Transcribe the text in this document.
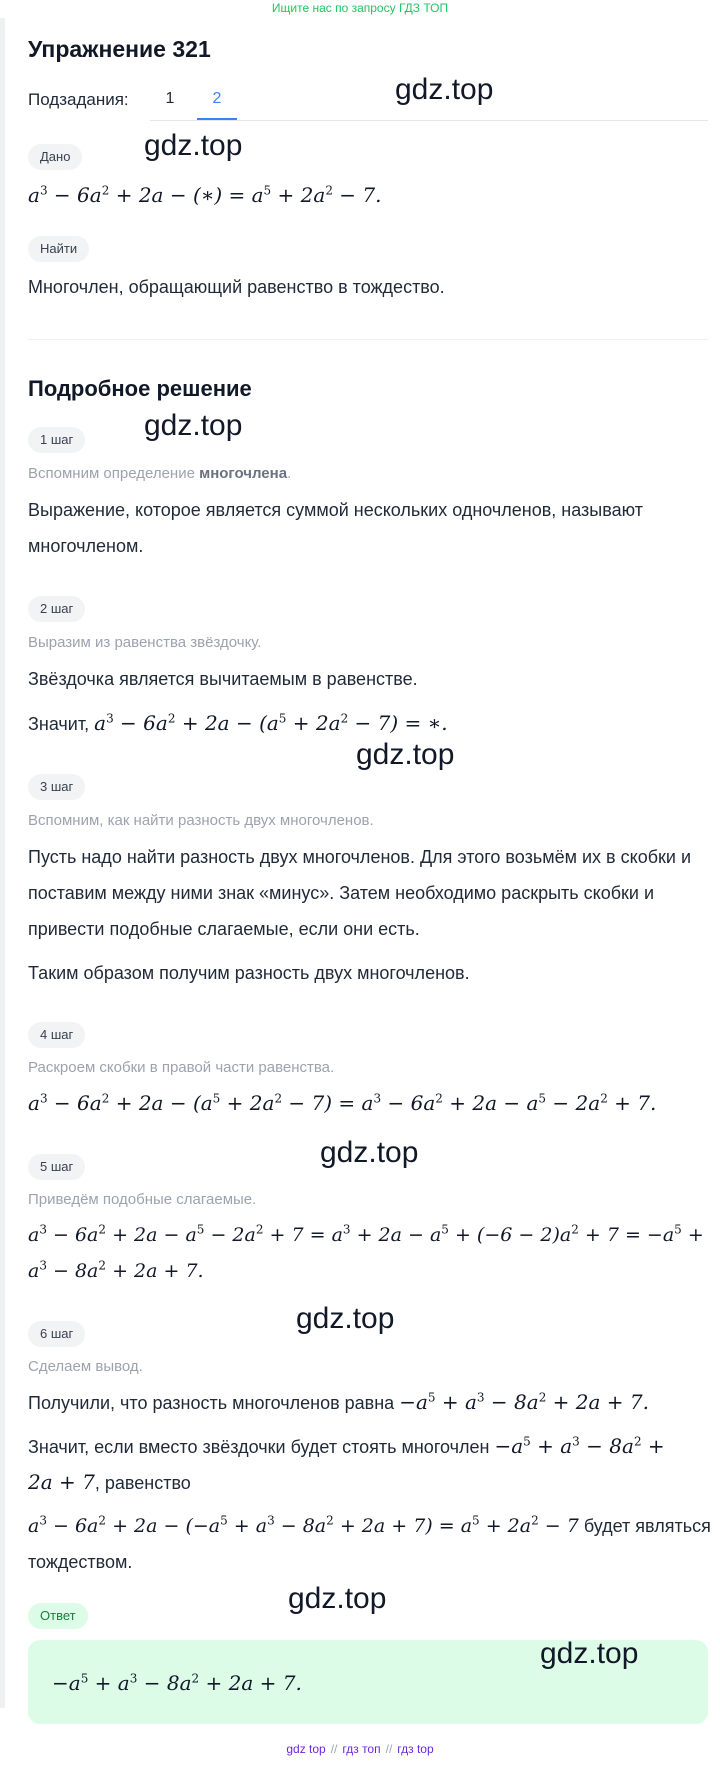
Ищите нас по запросу ГДЗ ТОП
Упражнение 321
Подзадания:	1	2	gdz.top
Дано	gdz.top
$a^3 - 6a^2 + 2a$ − (∗) = $a^5 + 2a^2 - 7$.
Найти
Многочлен, обращающий равенство в тождество.
Подробное решение
1 шаг	gdz.top
Вспомним определение многочлена.
Выражение, которое является суммой нескольких одночленов, называют
многочленом.
2 шаг
Выразим из равенства звёздочку.
Звёздочка является вычитаемым в равенстве.
Значит, $a^3 - 6a^2 + 2a - (a^5 + 2a^2 - 7)$ = ∗.
gdz.top
3 шаг
Вспомним, как найти разность двух многочленов.
Пусть надо найти разность двух многочленов. Для этого возьмём их в скобки и
поставим между ними знак «минус». Затем необходимо раскрыть скобки и
привести подобные слагаемые, если они есть.
Таким образом получим разность двух многочленов.
4 шаг
Раскроем скобки в правой части равенства.
$a^3 - 6a^2 + 2a - (a^5 + 2a^2 - 7) = a^3 - 6a^2 + 2a - a^5 - 2a^2 + 7$.
5 шаг	gdz.top
Приведём подобные слагаемые.
$a^3 - 6a^2 + 2a - a^5 - 2a^2 + 7 = a^3 + 2a - a^5 + (-6 - 2)a^2 + 7 = -a^5$ +
$a^3 - 8a^2 + 2a + 7$.
6 шаг	gdz.top
Сделаем вывод.
Получили, что разность многочленов равна $-a^5 + a^3 - 8a^2 + 2a + 7$.
Значит, если вместо звёздочки будет стоять многочлен $-a^5 + a^3 - 8a^2$ +
2a + 7, равенство
$a^3 - 6a^2 + 2a - (-a^5 + a^3 - 8a^2 + 2a + 7) = a^5 + 2a^2 - 7$ будет являться
тождеством.
gdz.top
Ответ
$-a^5 + a^3 - 8a^2 + 2a + 7$.
gdz.top
gdz top // гдз топ // гдз top
